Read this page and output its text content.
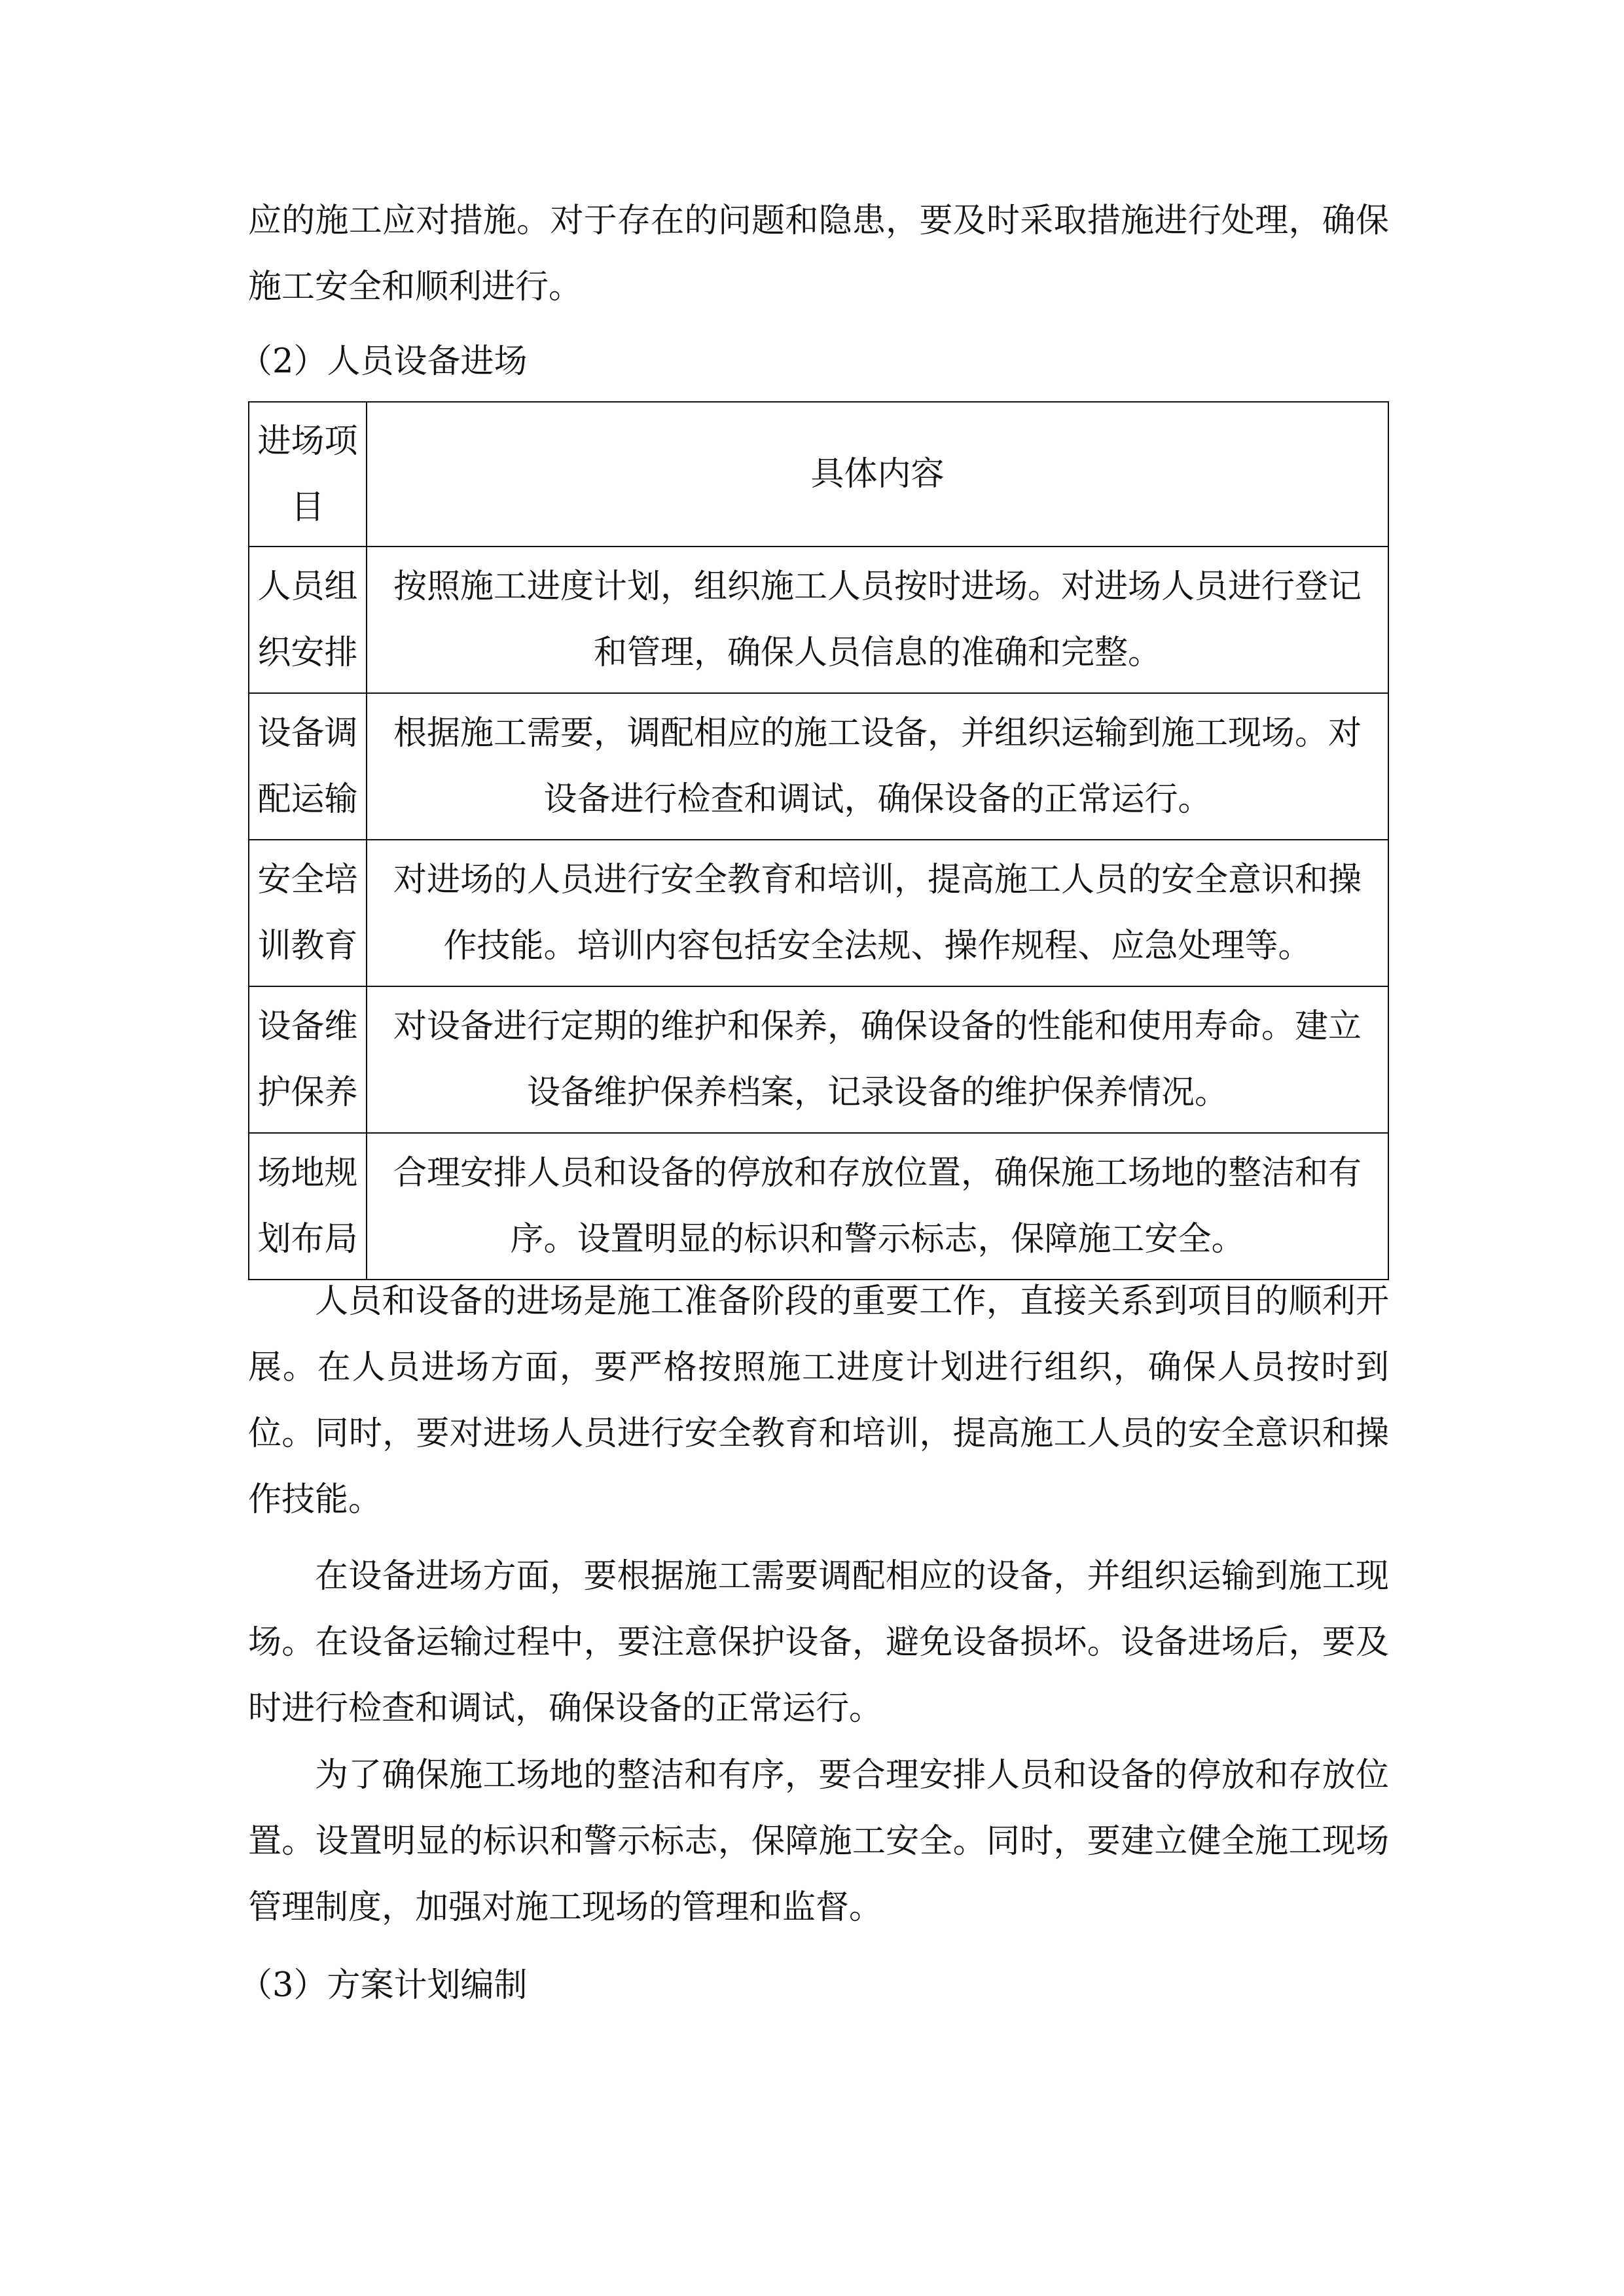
应的施工应对措施。对于存在的问题和隐患，要及时采取措施进行处理，确保施工安全和顺利进行。
（2）人员设备进场
进场项目	具体内容
人员组织安排	按照施工进度计划，组织施工人员按时进场。对进场人员进行登记和管理，确保人员信息的准确和完整。
设备调配运输	根据施工需要，调配相应的施工设备，并组织运输到施工现场。对设备进行检查和调试，确保设备的正常运行。
安全培训教育	对进场的人员进行安全教育和培训，提高施工人员的安全意识和操作技能。培训内容包括安全法规、操作规程、应急处理等。
设备维护保养	对设备进行定期的维护和保养，确保设备的性能和使用寿命。建立设备维护保养档案，记录设备的维护保养情况。
场地规划布局	合理安排人员和设备的停放和存放位置，确保施工场地的整洁和有序。设置明显的标识和警示标志，保障施工安全。
人员和设备的进场是施工准备阶段的重要工作，直接关系到项目的顺利开展。在人员进场方面，要严格按照施工进度计划进行组织，确保人员按时到位。同时，要对进场人员进行安全教育和培训，提高施工人员的安全意识和操作技能。
在设备进场方面，要根据施工需要调配相应的设备，并组织运输到施工现场。在设备运输过程中，要注意保护设备，避免设备损坏。设备进场后，要及时进行检查和调试，确保设备的正常运行。
为了确保施工场地的整洁和有序，要合理安排人员和设备的停放和存放位置。设置明显的标识和警示标志，保障施工安全。同时，要建立健全施工现场管理制度，加强对施工现场的管理和监督。
（3）方案计划编制
